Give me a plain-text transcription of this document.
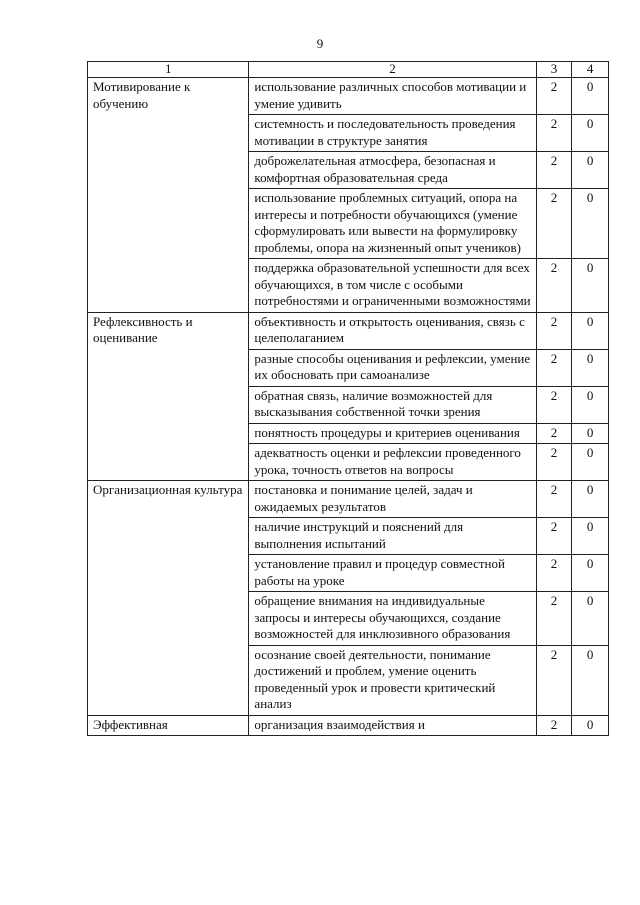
9
1	2	3	4
Мотивирование к обучению	использование различных способов мотивации и умение удивить	2	0
	системность и последовательность проведения мотивации в структуре занятия	2	0
	доброжелательная атмосфера, безопасная и комфортная образовательная среда	2	0
	использование проблемных ситуаций, опора на интересы и потребности обучающихся (умение сформулировать или вывести на формулировку проблемы, опора на жизненный опыт учеников)	2	0
	поддержка образовательной успешности для всех обучающихся, в том числе с особыми потребностями и ограниченными возможностями	2	0
Рефлексивность и оценивание	объективность и открытость оценивания, связь с целеполаганием	2	0
	разные способы оценивания и рефлексии, умение их обосновать при самоанализе	2	0
	обратная связь, наличие возможностей для высказывания собственной точки зрения	2	0
	понятность процедуры и критериев оценивания	2	0
	адекватность оценки и рефлексии проведенного урока, точность ответов на вопросы	2	0
Организационная культура	постановка и понимание целей, задач и ожидаемых результатов	2	0
	наличие инструкций и пояснений для выполнения испытаний	2	0
	установление правил и процедур совместной работы на уроке	2	0
	обращение внимания на индивидуальные запросы и интересы обучающихся, создание возможностей для инклюзивного образования	2	0
	осознание своей деятельности, понимание достижений и проблем, умение оценить проведенный урок и провести критический анализ	2	0
Эффективная	организация взаимодействия и	2	0
